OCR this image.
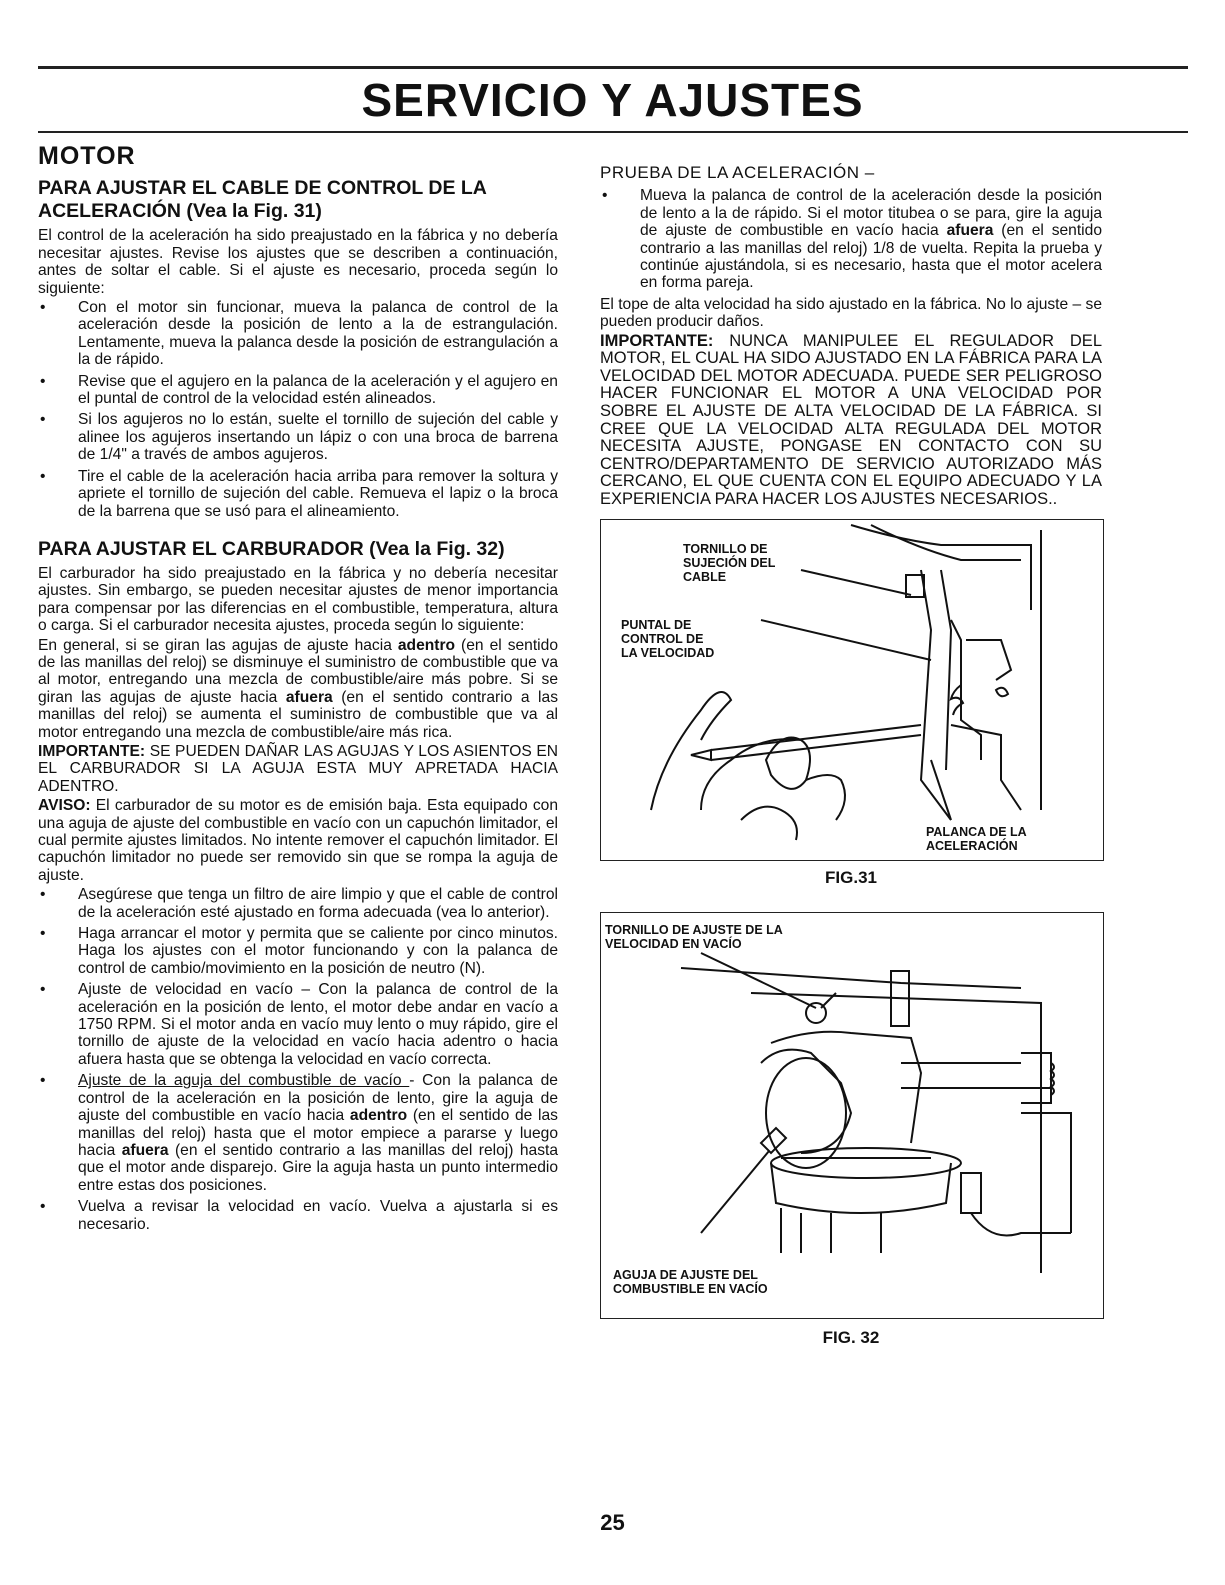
SERVICIO Y AJUSTES
MOTOR
PARA AJUSTAR EL CABLE DE CONTROL DE LA ACELERACIÓN (Vea la Fig. 31)

El control de la aceleración ha sido preajustado en la fábrica y no debería necesitar ajustes. Revise los ajustes que se describen a continuación, antes de soltar el cable. Si el ajuste es necesario, proceda según lo siguiente:

• Con el motor sin funcionar, mueva la palanca de control de la aceleración desde la posición de lento a la de estrangulación. Lentamente, mueva la palanca desde la posición de estrangulación a la de rápido.
• Revise que el agujero en la palanca de la aceleración y el agujero en el puntal de control de la velocidad estén alineados.
• Si los agujeros no lo están, suelte el tornillo de sujeción del cable y alinee los agujeros insertando un lápiz o con una broca de barrena de 1/4" a través de ambos agujeros.
• Tire el cable de la aceleración hacia arriba para remover la soltura y apriete el tornillo de sujeción del cable. Remueva el lapiz o la broca de la barrena que se usó para el alineamiento.
PARA AJUSTAR EL CARBURADOR (Vea la Fig. 32)

El carburador ha sido preajustado en la fábrica y no debería necesitar ajustes. Sin embargo, se pueden necesitar ajustes de menor importancia para compensar por las diferencias en el combustible, temperatura, altura o carga. Si el carburador necesita ajustes, proceda según lo siguiente:

En general, si se giran las agujas de ajuste hacia adentro (en el sentido de las manillas del reloj) se disminuye el suministro de combustible que va al motor, entregando una mezcla de combustible/aire más pobre. Si se giran las agujas de ajuste hacia afuera (en el sentido contrario a las manillas del reloj) se aumenta el suministro de combustible que va al motor entregando una mezcla de combustible/aire más rica.

IMPORTANTE: SE PUEDEN DAÑAR LAS AGUJAS Y LOS ASIENTOS EN EL CARBURADOR SI LA AGUJA ESTA MUY APRETADA HACIA ADENTRO.

AVISO: El carburador de su motor es de emisión baja. Esta equipado con una aguja de ajuste del combustible en vacío con un capuchón limitador, el cual permite ajustes limitados. No intente remover el capuchón limitador. El capuchón limitador no puede ser removido sin que se rompa la aguja de ajuste.

• Asegúrese que tenga un filtro de aire limpio y que el cable de control de la aceleración esté ajustado en forma adecuada (vea lo anterior).
• Haga arrancar el motor y permita que se caliente por cinco minutos. Haga los ajustes con el motor funcionando y con la palanca de control de cambio/movimiento en la posición de neutro (N).
• Ajuste de velocidad en vacío – Con la palanca de control de la aceleración en la posición de lento, el motor debe andar en vacío a 1750 RPM. Si el motor anda en vacío muy lento o muy rápido, gire el tornillo de ajuste de la velocidad en vacío hacia adentro o hacia afuera hasta que se obtenga la velocidad en vacío correcta.
• Ajuste de la aguja del combustible de vacío - Con la palanca de control de la aceleración en la posición de lento, gire la aguja de ajuste del combustible en vacío hacia adentro (en el sentido de las manillas del reloj) hasta que el motor empiece a pararse y luego hacia afuera (en el sentido contrario a las manillas del reloj) hasta que el motor ande disparejo. Gire la aguja hasta un punto intermedio entre estas dos posiciones.
• Vuelva a revisar la velocidad en vacío. Vuelva a ajustarla si es necesario.
PRUEBA DE LA ACELERACIÓN –
• Mueva la palanca de control de la aceleración desde la posición de lento a la de rápido. Si el motor titubea o se para, gire la aguja de ajuste de combustible en vacío hacia afuera (en el sentido contrario a las manillas del reloj) 1/8 de vuelta. Repita la prueba y continúe ajustándola, si es necesario, hasta que el motor acelera en forma pareja.

El tope de alta velocidad ha sido ajustado en la fábrica. No lo ajuste – se pueden producir daños.

IMPORTANTE: NUNCA MANIPULEE EL REGULADOR DEL MOTOR, EL CUAL HA SIDO AJUSTADO EN LA FÁBRICA PARA LA VELOCIDAD DEL MOTOR ADECUADA. PUEDE SER PELIGROSO HACER FUNCIONAR EL MOTOR A UNA VELOCIDAD POR SOBRE EL AJUSTE DE ALTA VELOCIDAD DE LA FÁBRICA. SI CREE QUE LA VELOCIDAD ALTA REGULADA DEL MOTOR NECESITA AJUSTE, PONGASE EN CONTACTO CON SU CENTRO/DEPARTAMENTO DE SERVICIO AUTORIZADO MÁS CERCANO, EL QUE CUENTA CON EL EQUIPO ADECUADO Y LA EXPERIENCIA PARA HACER LOS AJUSTES NECESARIOS..

TORNILLO DE
SUJECIÓN DEL
CABLE
PUNTAL DE
CONTROL DE
LA VELOCIDAD
PALANCA DE LA
ACELERACIÓN
FIG.31
TORNILLO DE AJUSTE DE LA
VELOCIDAD EN VACÍO
AGUJA DE AJUSTE DEL
COMBUSTIBLE EN VACÍO
FIG. 32
25
